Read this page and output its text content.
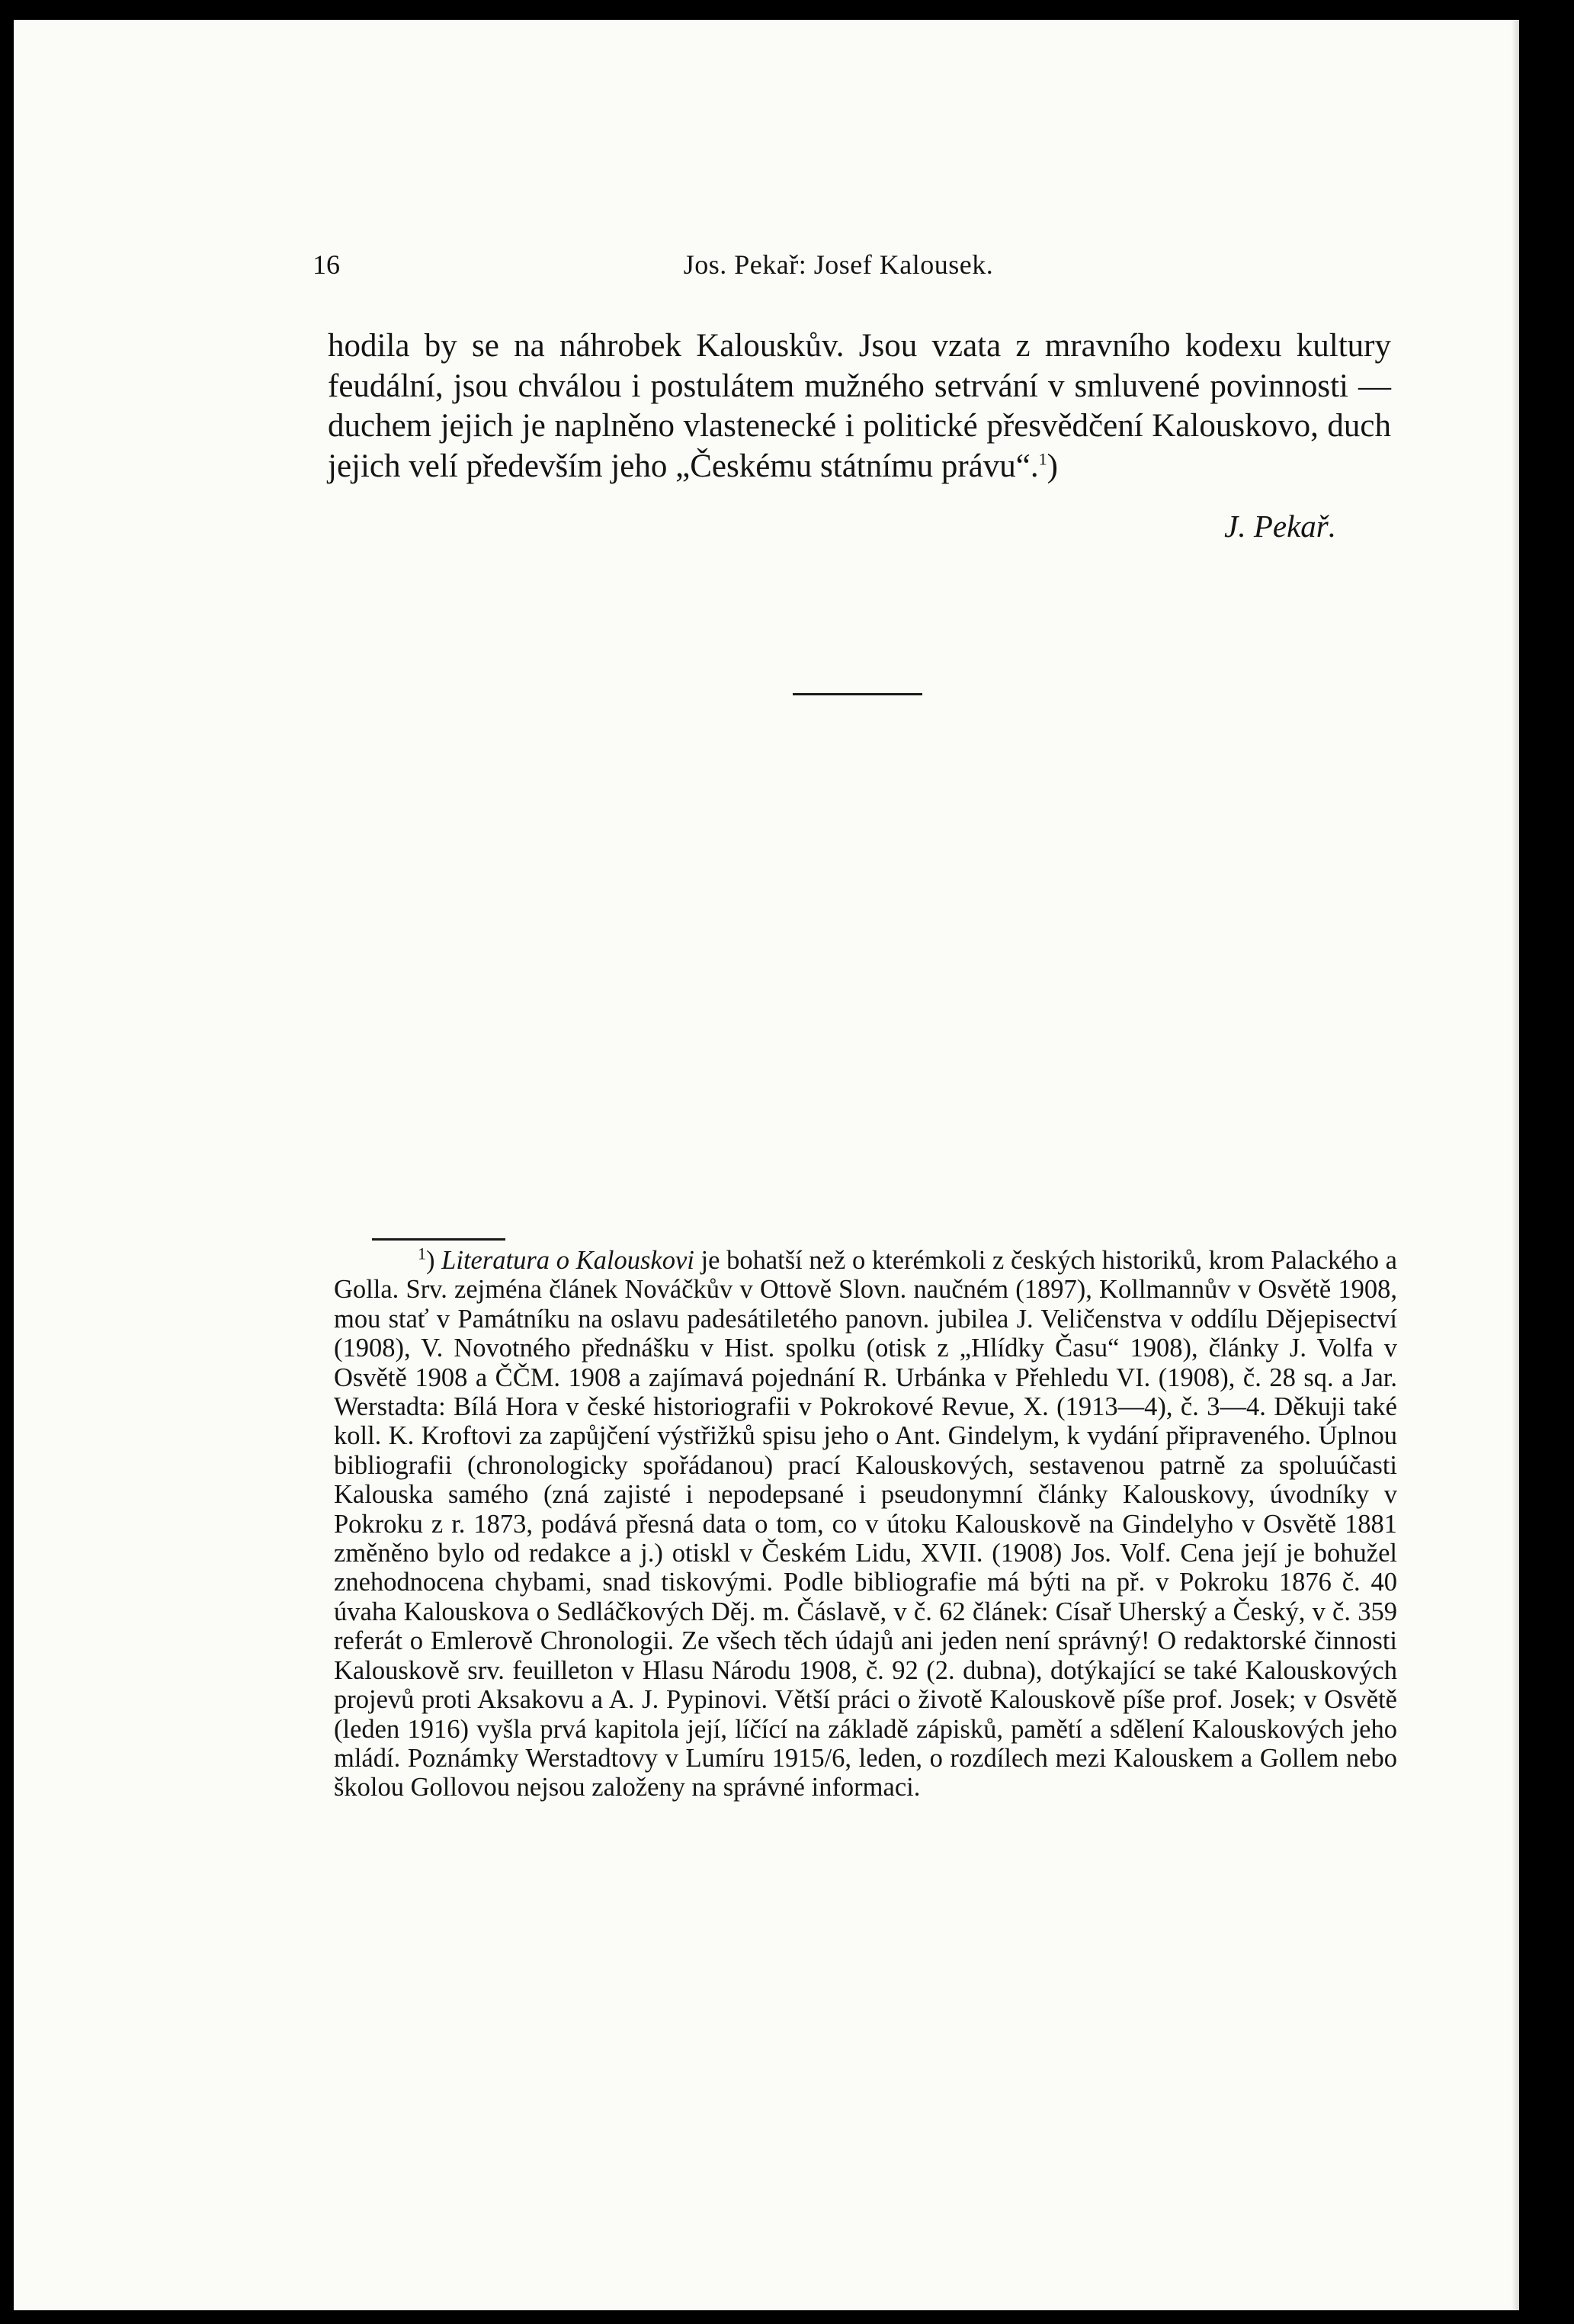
16	Jos. Pekař: Josef Kalousek.

hodila by se na náhrobek Kalouskův. Jsou vzata z mravního kodexu kultury feudální, jsou chválou i postulátem mužného setrvání v smluvené povinnosti — duchem jejich je naplněno vlastenecké i politické přesvědčení Kalouskovo, duch jejich velí především jeho „Českému státnímu právu“.$^1$)

J. Pekař.

$^1$) Literatura o Kalouskovi je bohatší než o kterémkoli z českých historiků, krom Palackého a Golla. Srv. zejména článek Nováčkův v Ottově Slovn. naučném (1897), Kollmannův v Osvětě 1908, mou stať v Památníku na oslavu padesátiletého panovn. jubilea J. Veličenstva v oddílu Dějepisectví (1908), V. Novotného přednášku v Hist. spolku (otisk z „Hlídky Času“ 1908), články J. Volfa v Osvětě 1908 a ČČM. 1908 a zajímavá pojednání R. Urbánka v Přehledu VI. (1908), č. 28 sq. a Jar. Werstadta: Bílá Hora v české historiografii v Pokrokové Revue, X. (1913—4), č. 3—4. Děkuji také koll. K. Kroftovi za zapůjčení výstřižků spisu jeho o Ant. Gindelym, k vydání připraveného. Úplnou bibliografii (chronologicky spořádanou) prací Kalouskových, sestavenou patrně za spoluúčasti Kalouska samého (zná zajisté i nepodepsané i pseudonymní články Kalouskovy, úvodníky v Pokroku z r. 1873, podává přesná data o tom, co v útoku Kalouskově na Gindelyho v Osvětě 1881 změněno bylo od redakce a j.) otiskl v Českém Lidu, XVII. (1908) Jos. Volf. Cena její je bohužel znehodnocena chybami, snad tiskovými. Podle bibliografie má býti na př. v Pokroku 1876 č. 40 úvaha Kalouskova o Sedláčkových Děj. m. Čáslavě, v č. 62 článek: Císař Uherský a Český, v č. 359 referát o Emlerově Chronologii. Ze všech těch údajů ani jeden není správný! O redaktorské činnosti Kalouskově srv. feuilleton v Hlasu Národu 1908, č. 92 (2. dubna), dotýkající se také Kalouskových projevů proti Aksakovu a A. J. Pypinovi. Větší práci o životě Kalouskově píše prof. Josek; v Osvětě (leden 1916) vyšla prvá kapitola její, líčící na základě zápisků, pamětí a sdělení Kalouskových jeho mládí. Poznámky Werstadtovy v Lumíru 1915/6, leden, o rozdílech mezi Kalouskem a Gollem nebo školou Gollovou nejsou založeny na správné informaci.
